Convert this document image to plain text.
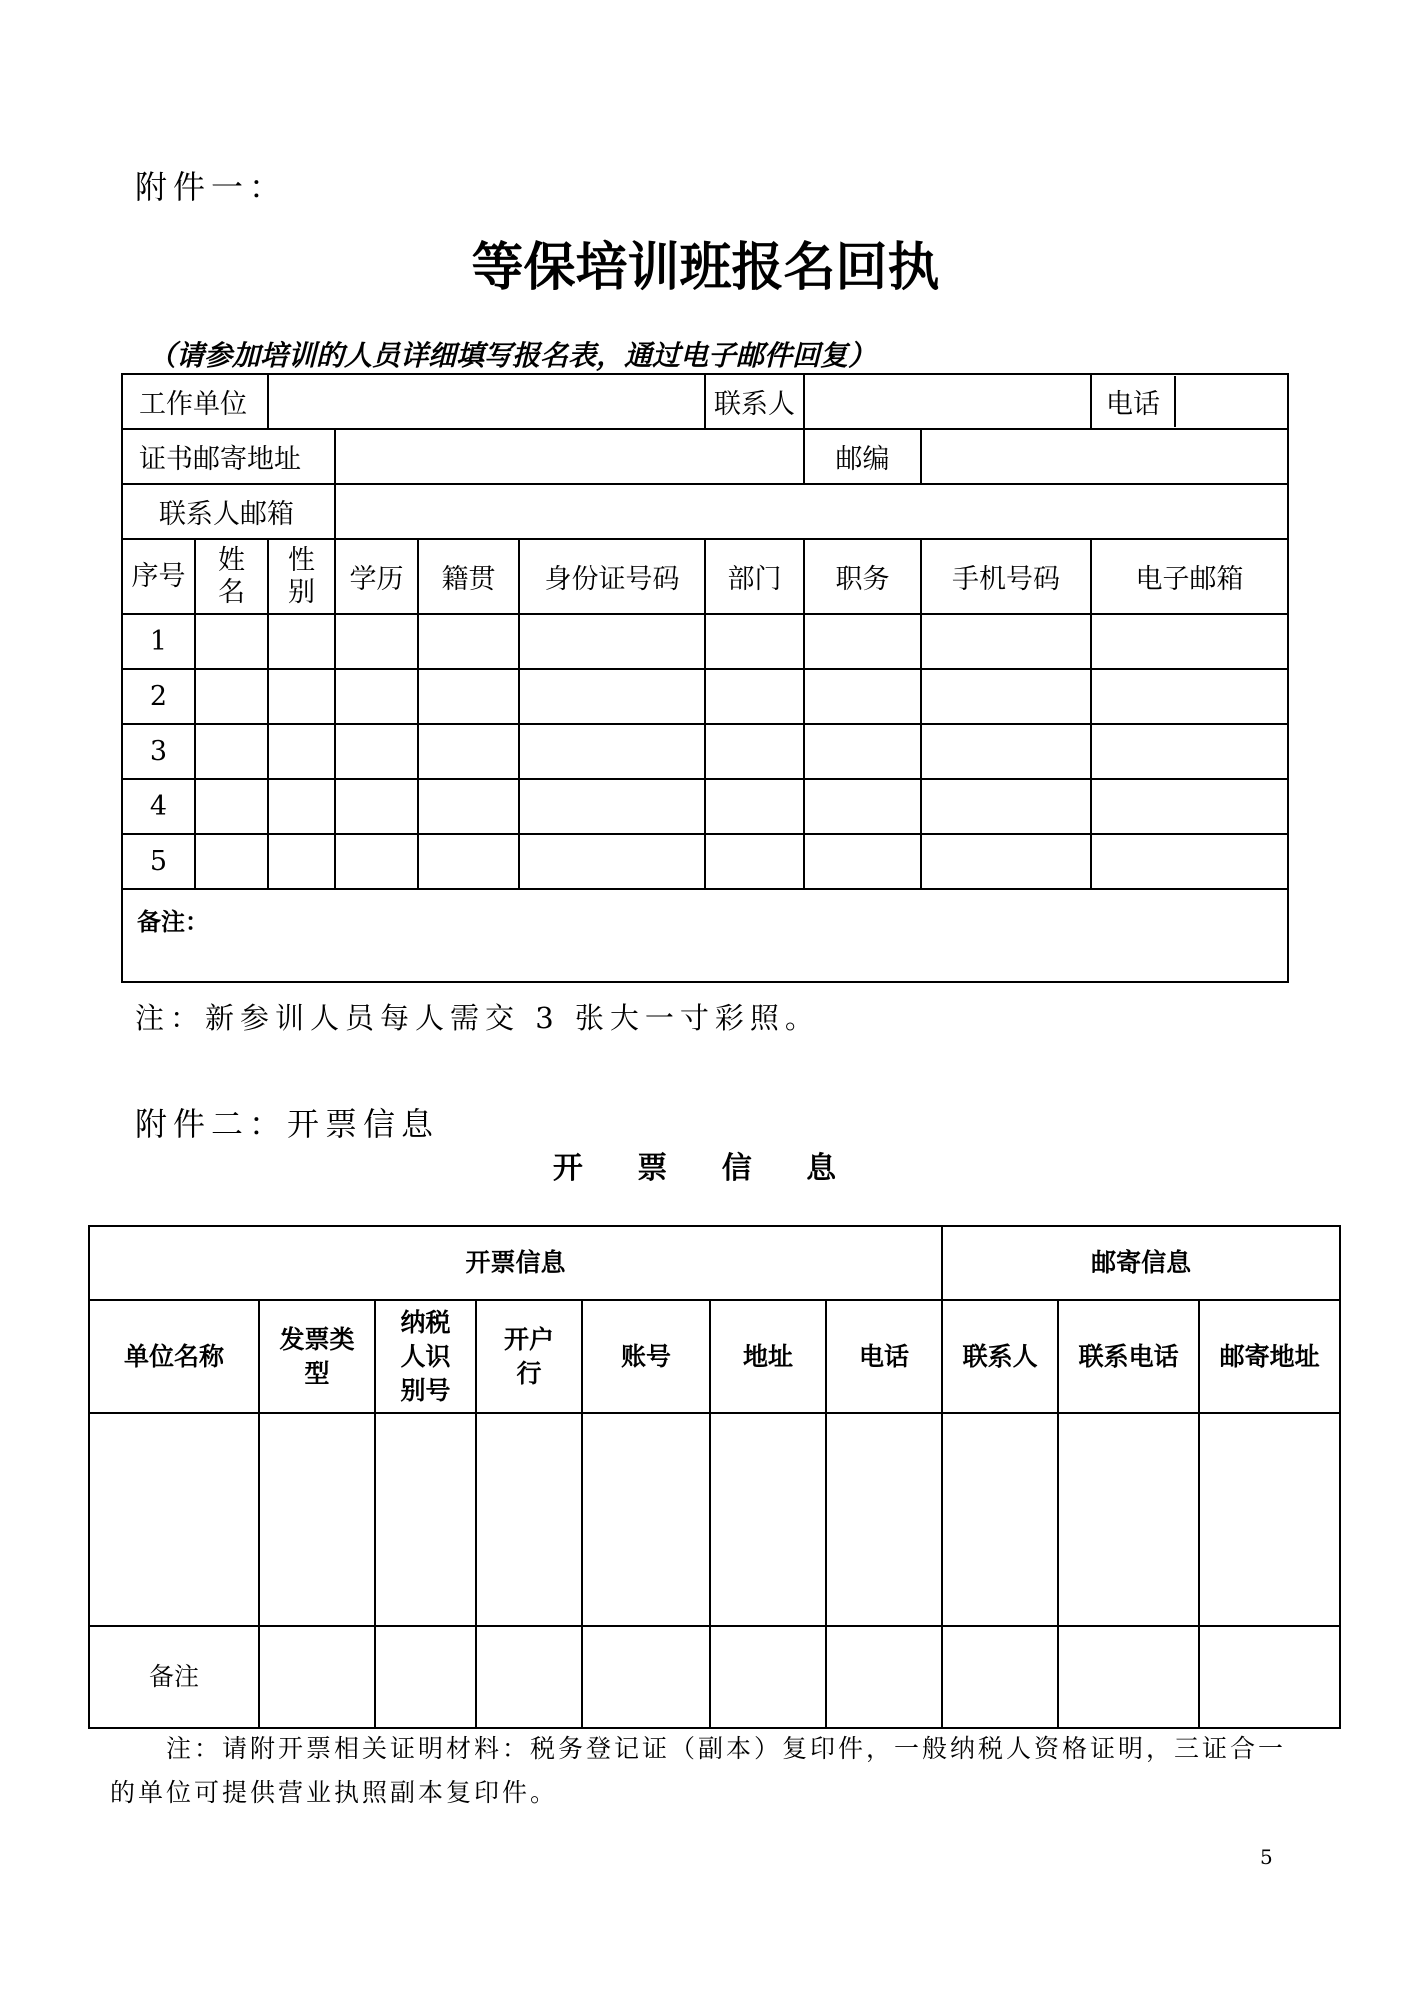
附件一：
等保培训班报名回执
（请参加培训的人员详细填写报名表，通过电子邮件回复）
工作单位						联系人			电话

证书邮寄地址							邮编		
联系人邮箱									
序号	姓名	性别	学历	籍贯	身份证号码	部门	职务	手机号码	电子邮箱
1									
2									
3									
4									
5									
备注：									
注：新参训人员每人需交 3 张大一寸彩照。
附件二：开票信息
开 票 信 息
开票信息							邮寄信息		
单位名称	发票类型	纳税人识别号	开户行	账号	地址	电话	联系人	联系电话	邮寄地址

备注									
注：请附开票相关证明材料：税务登记证（副本）复印件，一般纳税人资格证明，三证合一的单位可提供营业执照副本复印件。
5
